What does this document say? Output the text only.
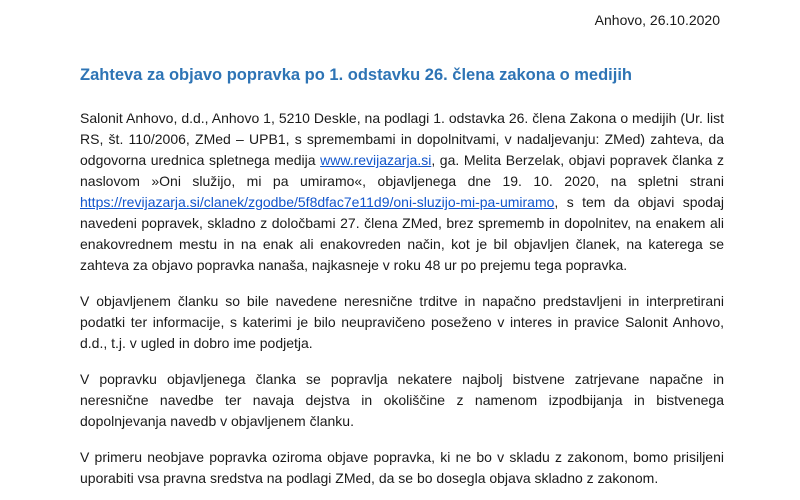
Anhovo, 26.10.2020
Zahteva za objavo popravka po 1. odstavku 26. člena zakona o medijih

Salonit Anhovo, d.d., Anhovo 1, 5210 Deskle, na podlagi 1. odstavka 26. člena Zakona o medijih (Ur. list RS, št. 110/2006, ZMed – UPB1, s spremembami in dopolnitvami, v nadaljevanju: ZMed) zahteva, da odgovorna urednica spletnega medija www.revijazarja.si, ga. Melita Berzelak, objavi popravek članka z naslovom »Oni služijo, mi pa umiramo«, objavljenega dne 19. 10. 2020, na spletni strani https://revijazarja.si/clanek/zgodbe/5f8dfac7e11d9/oni-sluzijo-mi-pa-umiramo, s tem da objavi spodaj navedeni popravek, skladno z določbami 27. člena ZMed, brez sprememb in dopolnitev, na enakem ali enakovrednem mestu in na enak ali enakovreden način, kot je bil objavljen članek, na katerega se zahteva za objavo popravka nanaša, najkasneje v roku 48 ur po prejemu tega popravka.

V objavljenem članku so bile navedene neresnične trditve in napačno predstavljeni in interpretirani podatki ter informacije, s katerimi je bilo neupravičeno poseženo v interes in pravice Salonit Anhovo, d.d., t.j. v ugled in dobro ime podjetja.

V popravku objavljenega članka se popravlja nekatere najbolj bistvene zatrjevane napačne in neresnične navedbe ter navaja dejstva in okoliščine z namenom izpodbijanja in bistvenega dopolnjevanja navedb v objavljenem članku.

V primeru neobjave popravka oziroma objave popravka, ki ne bo v skladu z zakonom, bomo prisiljeni uporabiti vsa pravna sredstva na podlagi ZMed, da se bo dosegla objava skladno z zakonom.
